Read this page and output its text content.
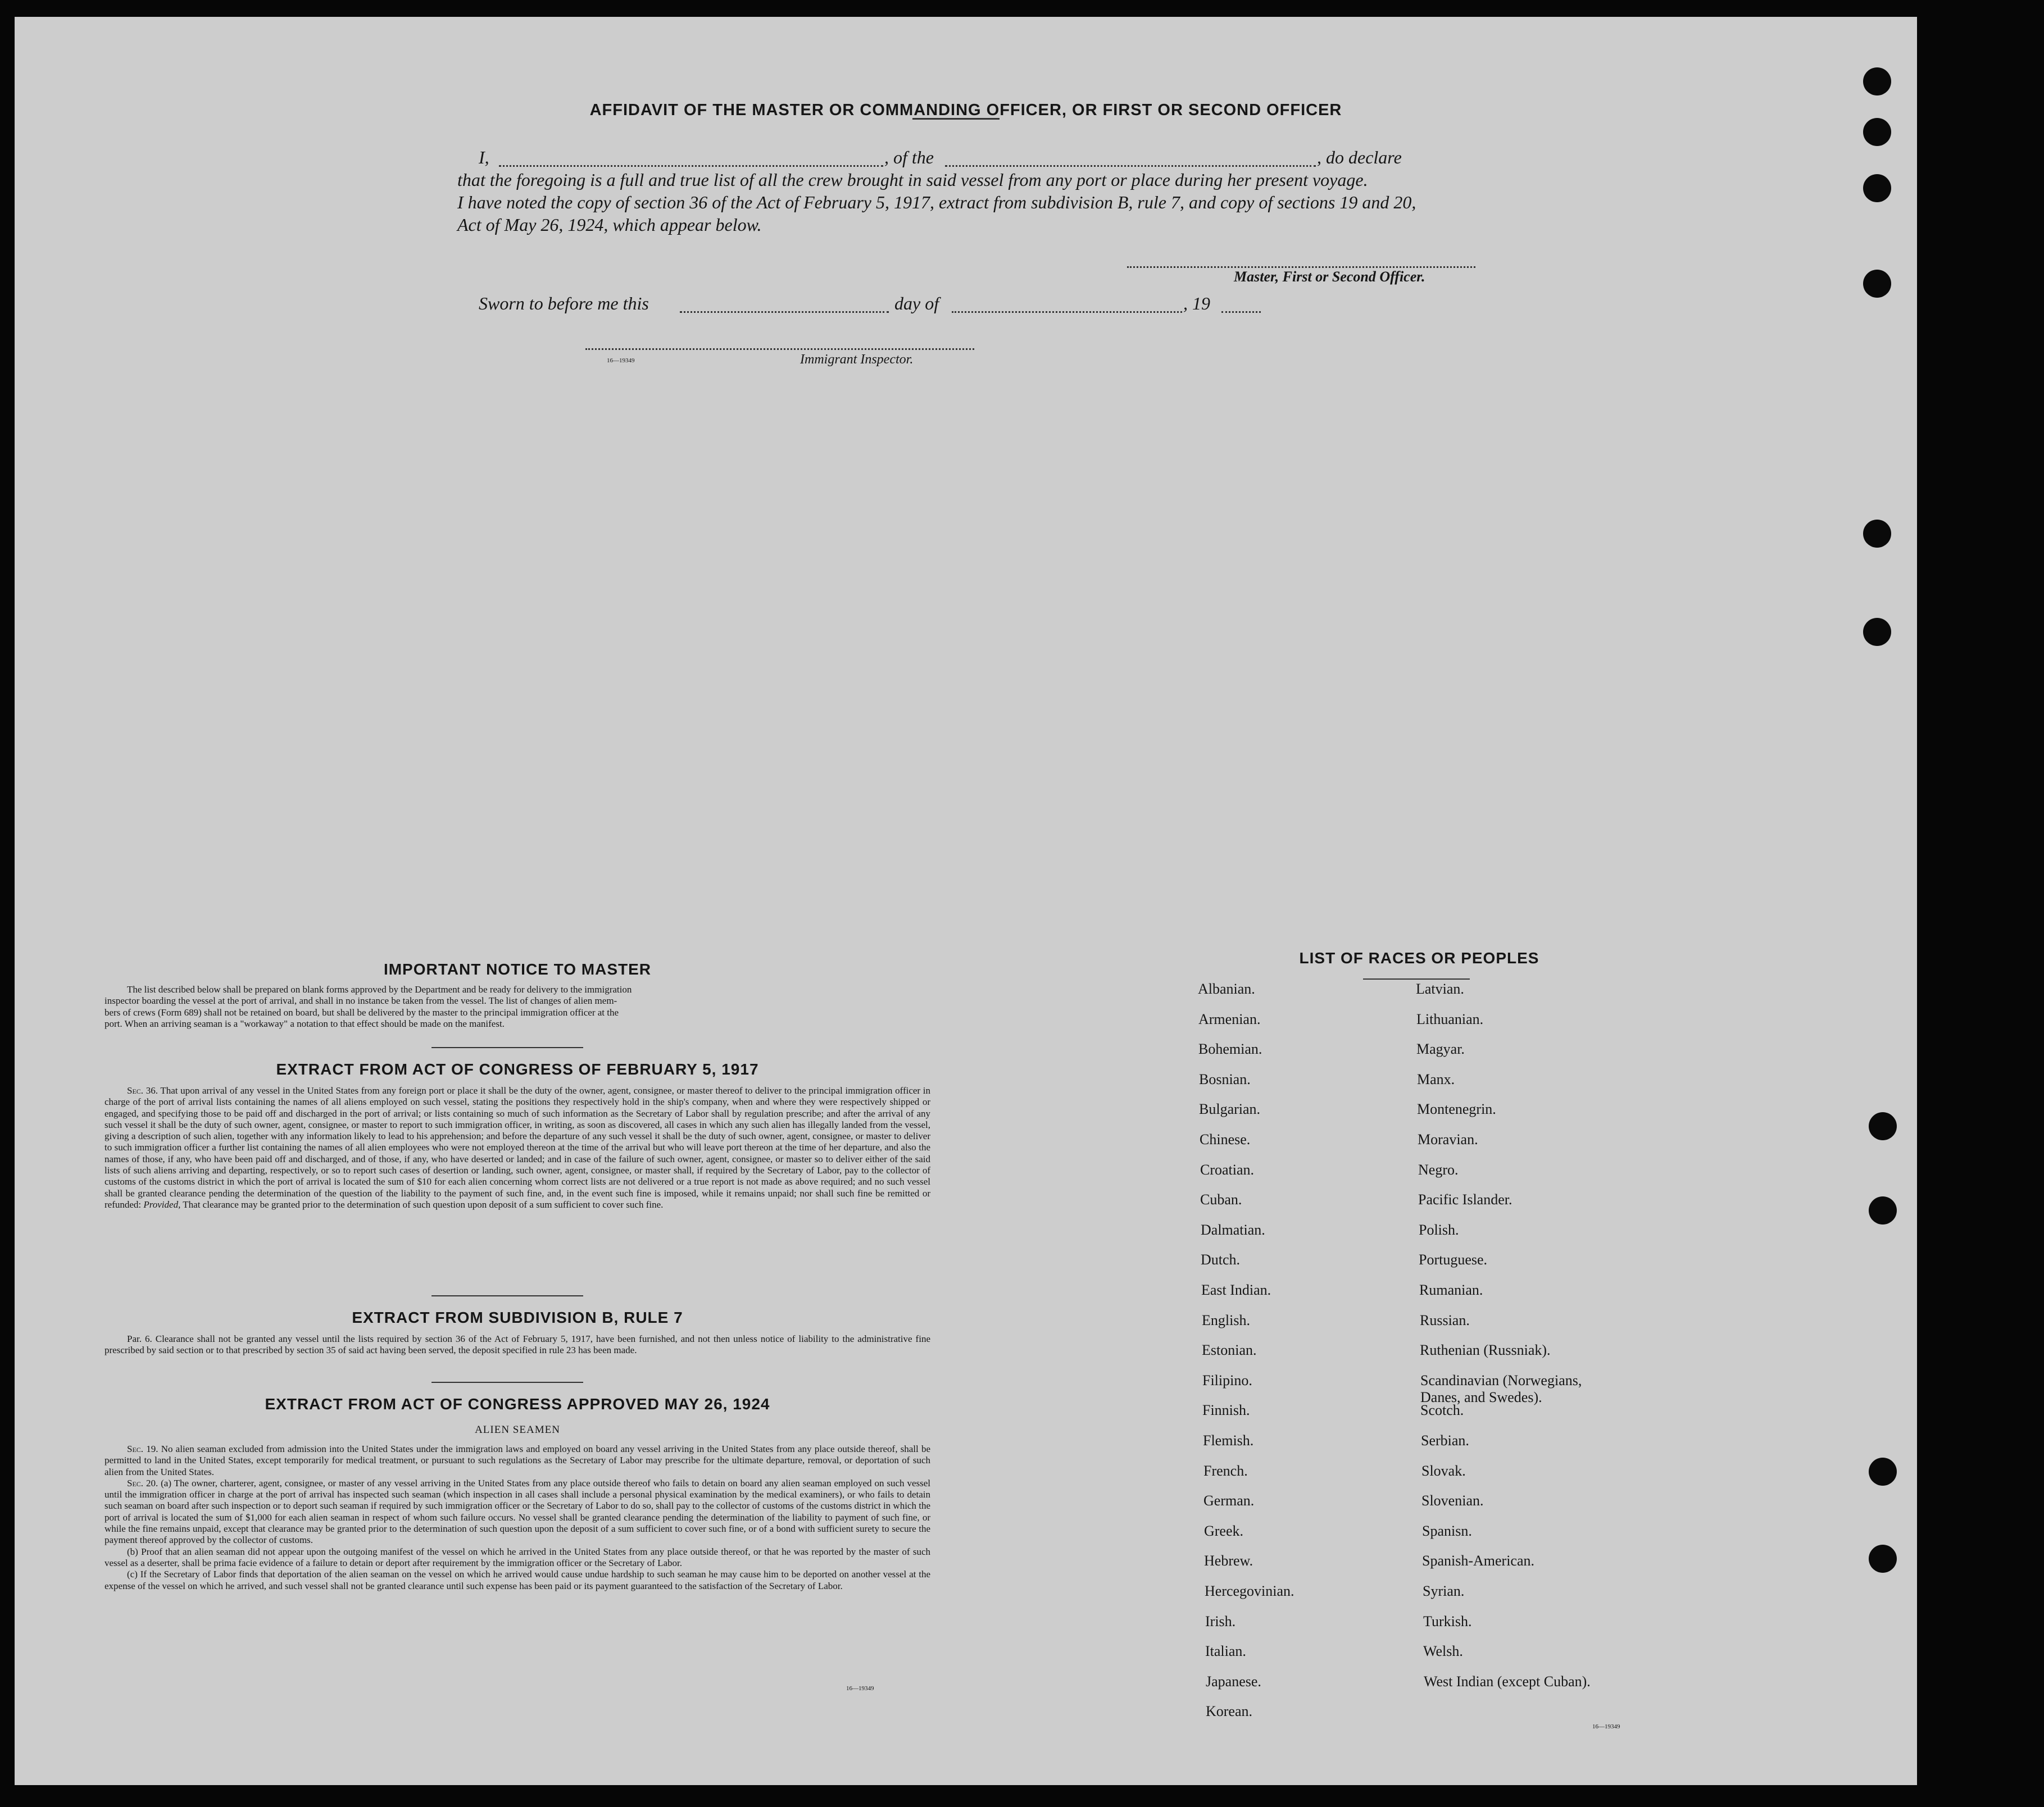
AFFIDAVIT OF THE MASTER OR COMMANDING OFFICER, OR FIRST OR SECOND OFFICER
I,	, of the	, do declare
that the foregoing is a full and true list of all the crew brought in said vessel from any port or place during her present voyage.
I have noted the copy of section 36 of the Act of February 5, 1917, extract from subdivision B, rule 7, and copy of sections 19 and 20,
Act of May 26, 1924, which appear below.
Master, First or Second Officer.
Sworn to before me this	day of	, 19
16—19349	Immigrant Inspector.
IMPORTANT NOTICE TO MASTER
The list described below shall be prepared on blank forms approved by the Department and be ready for delivery to the immigration
inspector boarding the vessel at the port of arrival, and shall in no instance be taken from the vessel. The list of changes of alien mem-
bers of crews (Form 689) shall not be retained on board, but shall be delivered by the master to the principal immigration officer at the
port. When an arriving seaman is a "workaway" a notation to that effect should be made on the manifest.
EXTRACT FROM ACT OF CONGRESS OF FEBRUARY 5, 1917
Sec. 36. That upon arrival of any vessel in the United States from any foreign port or place it shall be the duty of the owner, agent, consignee, or master thereof to deliver to the principal immigration officer in charge of the port of arrival lists containing the names of all aliens employed on such vessel, stating the positions they respectively hold in the ship's company, when and where they were respectively shipped or engaged, and specifying those to be paid off and discharged in the port of arrival; or lists containing so much of such information as the Secretary of Labor shall by regulation prescribe; and after the arrival of any such vessel it shall be the duty of such owner, agent, consignee, or master to report to such immigration officer, in writing, as soon as discovered, all cases in which any such alien has illegally landed from the vessel, giving a description of such alien, together with any information likely to lead to his apprehension; and before the departure of any such vessel it shall be the duty of such owner, agent, consignee, or master to deliver to such immigration officer a further list containing the names of all alien employees who were not employed thereon at the time of the arrival but who will leave port thereon at the time of her departure, and also the names of those, if any, who have been paid off and discharged, and of those, if any, who have deserted or landed; and in case of the failure of such owner, agent, consignee, or master so to deliver either of the said lists of such aliens arriving and departing, respectively, or so to report such cases of desertion or landing, such owner, agent, consignee, or master shall, if required by the Secretary of Labor, pay to the collector of customs of the customs district in which the port of arrival is located the sum of $10 for each alien concerning whom correct lists are not delivered or a true report is not made as above required; and no such vessel shall be granted clearance pending the determination of the question of the liability to the payment of such fine, and, in the event such fine is imposed, while it remains unpaid; nor shall such fine be remitted or refunded: Provided, That clearance may be granted prior to the determination of such question upon deposit of a sum sufficient to cover such fine.
EXTRACT FROM SUBDIVISION B, RULE 7
Par. 6. Clearance shall not be granted any vessel until the lists required by section 36 of the Act of February 5, 1917, have been furnished, and not then unless notice of liability to the administrative fine prescribed by said section or to that prescribed by section 35 of said act having been served, the deposit specified in rule 23 has been made.
EXTRACT FROM ACT OF CONGRESS APPROVED MAY 26, 1924
ALIEN SEAMEN
Sec. 19. No alien seaman excluded from admission into the United States under the immigration laws and employed on board any vessel arriving in the United States from any place outside thereof, shall be permitted to land in the United States, except temporarily for medical treatment, or pursuant to such regulations as the Secretary of Labor may prescribe for the ultimate departure, removal, or deportation of such alien from the United States.
Sec. 20. (a) The owner, charterer, agent, consignee, or master of any vessel arriving in the United States from any place outside thereof who fails to detain on board any alien seaman employed on such vessel until the immigration officer in charge at the port of arrival has inspected such seaman (which inspection in all cases shall include a personal physical examination by the medical examiners), or who fails to detain such seaman on board after such inspection or to deport such seaman if required by such immigration officer or the Secretary of Labor to do so, shall pay to the collector of customs of the customs district in which the port of arrival is located the sum of $1,000 for each alien seaman in respect of whom such failure occurs. No vessel shall be granted clearance pending the determination of the liability to payment of such fine, or while the fine remains unpaid, except that clearance may be granted prior to the determination of such question upon the deposit of a sum sufficient to cover such fine, or of a bond with sufficient surety to secure the payment thereof approved by the collector of customs.
(b) Proof that an alien seaman did not appear upon the outgoing manifest of the vessel on which he arrived in the United States from any place outside thereof, or that he was reported by the master of such vessel as a deserter, shall be prima facie evidence of a failure to detain or deport after requirement by the immigration officer or the Secretary of Labor.
(c) If the Secretary of Labor finds that deportation of the alien seaman on the vessel on which he arrived would cause undue hardship to such seaman he may cause him to be deported on another vessel at the expense of the vessel on which he arrived, and such vessel shall not be granted clearance until such expense has been paid or its payment guaranteed to the satisfaction of the Secretary of Labor.
16—19349
LIST OF RACES OR PEOPLES
16—19349
Albanian.
Armenian.
Bohemian.
Bosnian.
Bulgarian.
Chinese.
Croatian.
Cuban.
Dalmatian.
Dutch.
East Indian.
English.
Estonian.
Filipino.
Finnish.
Flemish.
French.
German.
Greek.
Hebrew.
Hercegovinian.
Irish.
Italian.
Japanese.
Korean.
Latvian.
Lithuanian.
Magyar.
Manx.
Montenegrin.
Moravian.
Negro.
Pacific Islander.
Polish.
Portuguese.
Rumanian.
Russian.
Ruthenian (Russniak).
Scandinavian (Norwegians, Danes, and Swedes).
Scotch.
Serbian.
Slovak.
Slovenian.
Spanisn.
Spanish-American.
Syrian.
Turkish.
Welsh.
West Indian (except Cuban).
